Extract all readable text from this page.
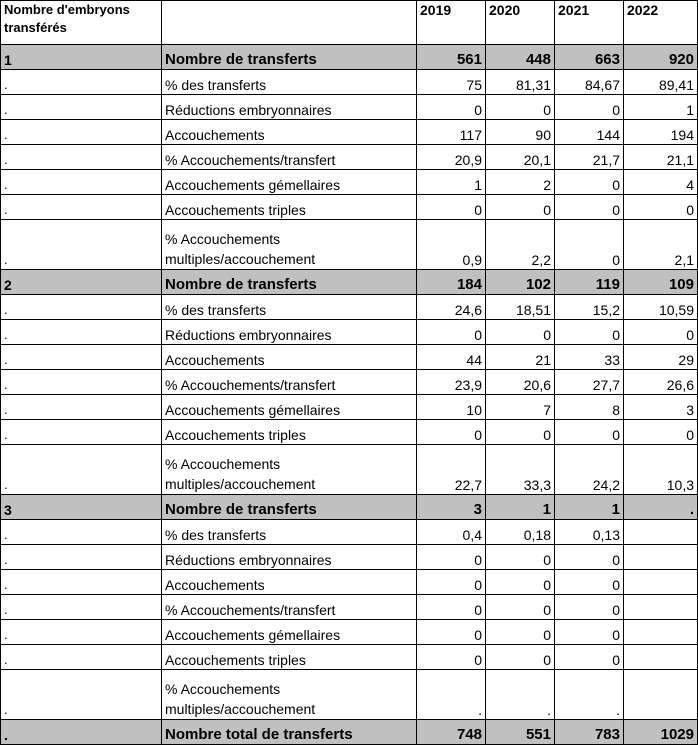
Nombre d'embryons transférés		2019	2020	2021	2022
1	Nombre de transferts	561	448	663	920
.	% des transferts	75	81,31	84,67	89,41
.	Réductions embryonnaires	0	0	0	1
.	Accouchements	117	90	144	194
.	% Accouchements/transfert	20,9	20,1	21,7	21,1
.	Accouchements gémellaires	1	2	0	4
.	Accouchements triples	0	0	0	0
.	% Accouchements multiples/accouchement	0,9	2,2	0	2,1
2	Nombre de transferts	184	102	119	109
.	% des transferts	24,6	18,51	15,2	10,59
.	Réductions embryonnaires	0	0	0	0
.	Accouchements	44	21	33	29
.	% Accouchements/transfert	23,9	20,6	27,7	26,6
.	Accouchements gémellaires	10	7	8	3
.	Accouchements triples	0	0	0	0
.	% Accouchements multiples/accouchement	22,7	33,3	24,2	10,3
3	Nombre de transferts	3	1	1	.
.	% des transferts	0,4	0,18	0,13	
.	Réductions embryonnaires	0	0	0	
.	Accouchements	0	0	0	
.	% Accouchements/transfert	0	0	0	
.	Accouchements gémellaires	0	0	0	
.	Accouchements triples	0	0	0	
.	% Accouchements multiples/accouchement	.	.	.	
.	Nombre total de transferts	748	551	783	1029
